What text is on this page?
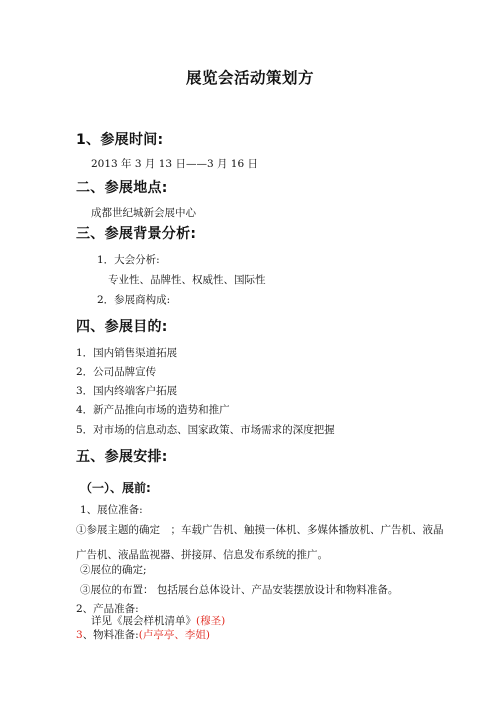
展览会活动策划方
1、参展时间:
2013 年 3 月 13 日——3 月 16 日
二、参展地点:
成都世纪城新会展中心
三、参展背景分析:
1．大会分析:
专业性、品牌性、权威性、国际性
2．参展商构成:
四、参展目的:
1．国内销售渠道拓展
2．公司品牌宣传
3．国内终端客户拓展
4．新产品推向市场的造势和推广
5．对市场的信息动态、国家政策、市场需求的深度把握
五、参展安排:
（一）、展前:
1、展位准备:
①参展主题的确定　；车载广告机、触摸一体机、多媒体播放机、广告机、液晶广告机、液晶监视器、拼接屏、信息发布系统的推广。
②展位的确定;
③展位的布置： 包括展台总体设计、产品安装摆放设计和物料准备。
2、产品准备:
详见《展会样机清单》(穆圣)
3、物料准备:(卢亭亭、李姐)
